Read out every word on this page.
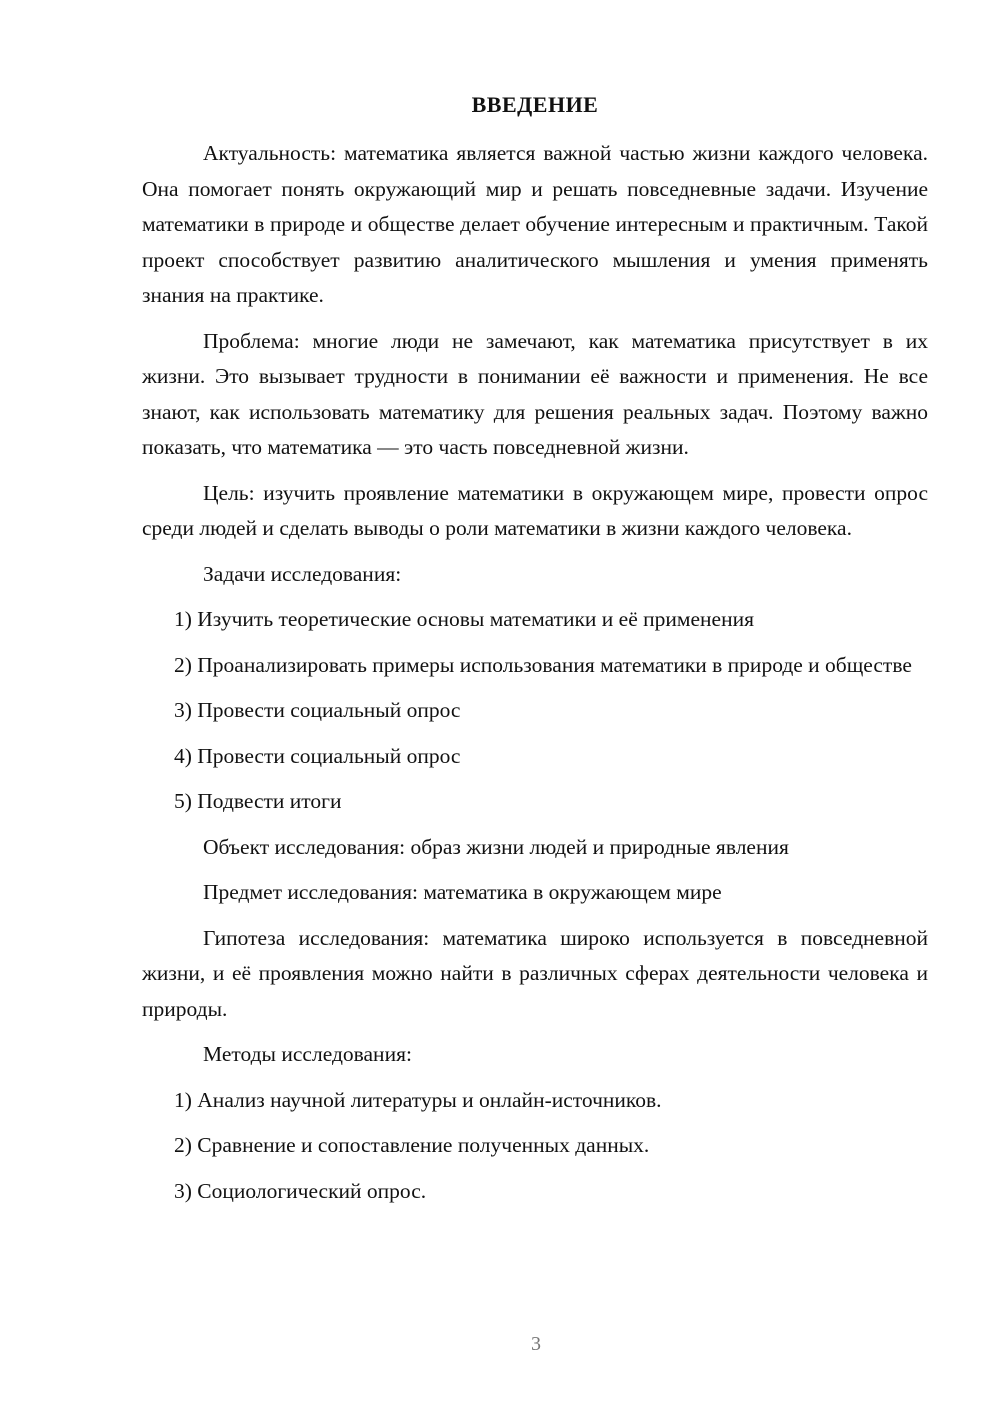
ВВЕДЕНИЕ

Актуальность: математика является важной частью жизни каждого человека. Она помогает понять окружающий мир и решать повседневные задачи. Изучение математики в природе и обществе делает обучение интересным и практичным. Такой проект способствует развитию аналитического мышления и умения применять знания на практике.

Проблема: многие люди не замечают, как математика присутствует в их жизни. Это вызывает трудности в понимании её важности и применения. Не все знают, как использовать математику для решения реальных задач. Поэтому важно показать, что математика — это часть повседневной жизни.

Цель: изучить проявление математики в окружающем мире, провести опрос среди людей и сделать выводы о роли математики в жизни каждого человека.

Задачи исследования:

1) Изучить теоретические основы математики и её применения

2) Проанализировать примеры использования математики в природе и обществе

3) Провести социальный опрос

4) Провести социальный опрос

5) Подвести итоги

Объект исследования: образ жизни людей и природные явления

Предмет исследования: математика в окружающем мире

Гипотеза исследования: математика широко используется в повседневной жизни, и её проявления можно найти в различных сферах деятельности человека и природы.

Методы исследования:

1) Анализ научной литературы и онлайн-источников.

2) Сравнение и сопоставление полученных данных.

3) Социологический опрос.

3
